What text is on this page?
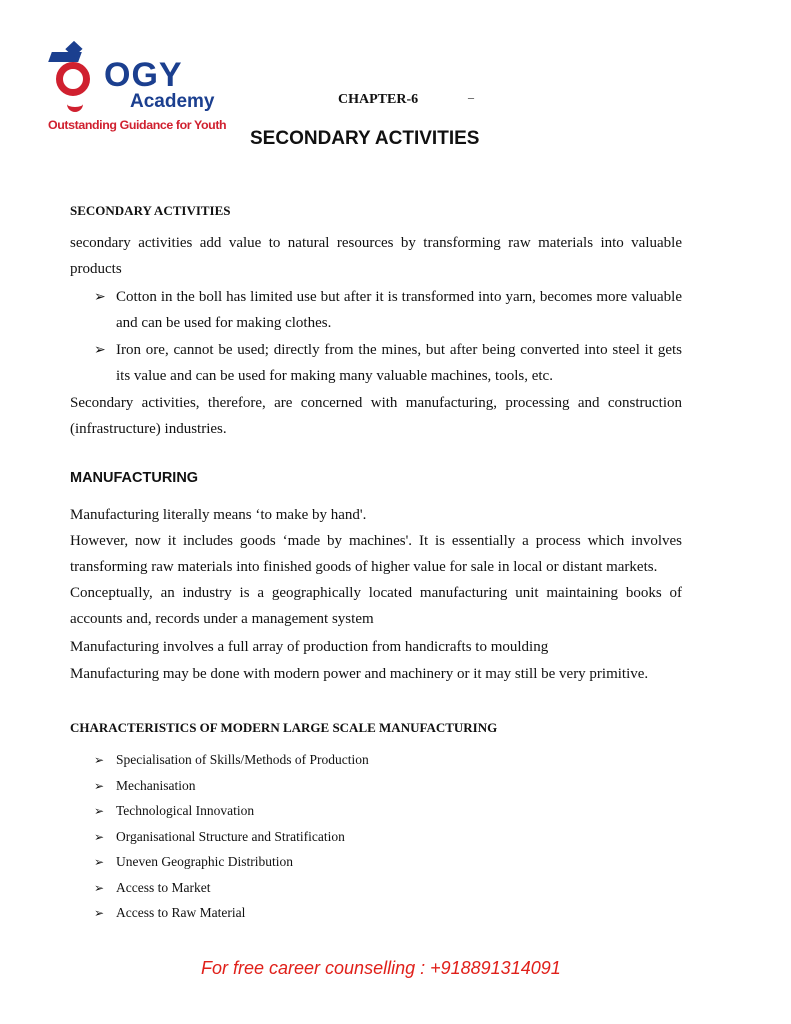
OGY
Academy
Outstanding Guidance for Youth
CHAPTER-6	_
SECONDARY ACTIVITIES
SECONDARY ACTIVITIES
secondary activities add value to natural resources by transforming raw materials into valuable products
➢ Cotton in the boll has limited use but after it is transformed into yarn, becomes more valuable and can be used for making clothes.
➢ Iron ore, cannot be used; directly from the mines, but after being converted into steel it gets its value and can be used for making many valuable machines, tools, etc.
Secondary activities, therefore, are concerned with manufacturing, processing and construction (infrastructure) industries.
MANUFACTURING
Manufacturing literally means ‘to make by hand'.
However, now it includes goods ‘made by machines'. It is essentially a process which involves transforming raw materials into finished goods of higher value for sale in local or distant markets.
Conceptually, an industry is a geographically located manufacturing unit maintaining books of accounts and, records under a management system
Manufacturing involves a full array of production from handicrafts to moulding
Manufacturing may be done with modern power and machinery or it may still be very primitive.
CHARACTERISTICS OF MODERN LARGE SCALE MANUFACTURING
➢ Specialisation of Skills/Methods of Production
➢ Mechanisation
➢ Technological Innovation
➢ Organisational Structure and Stratification
➢ Uneven Geographic Distribution
➢ Access to Market
➢ Access to Raw Material
For free career counselling : +918891314091
